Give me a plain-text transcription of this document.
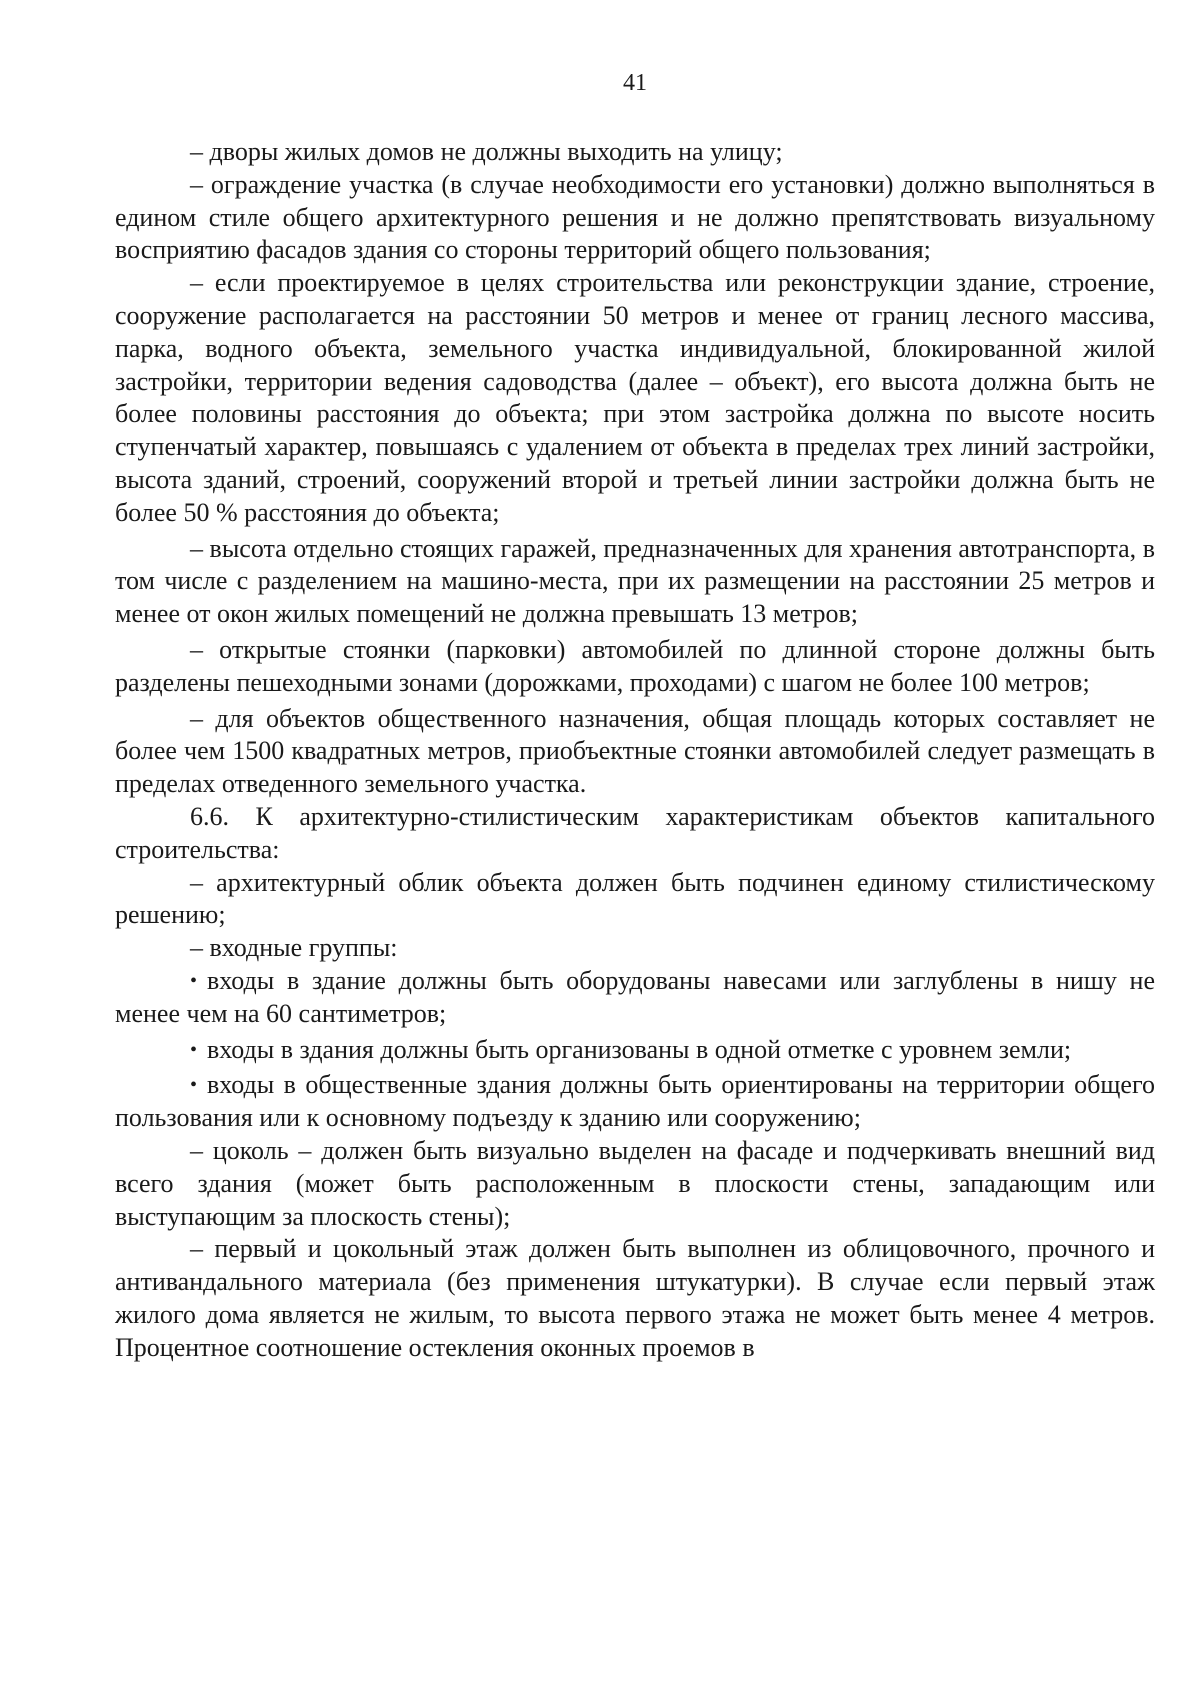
41

– дворы жилых домов не должны выходить на улицу;

– ограждение участка (в случае необходимости его установки) должно выполняться в едином стиле общего архитектурного решения и не должно препятствовать визуальному восприятию фасадов здания со стороны территорий общего пользования;

– если проектируемое в целях строительства или реконструкции здание, строение, сооружение располагается на расстоянии 50 метров и менее от границ лесного массива, парка, водного объекта, земельного участка индивидуальной, блокированной жилой застройки, территории ведения садоводства (далее – объект), его высота должна быть не более половины расстояния до объекта; при этом застройка должна по высоте носить ступенчатый характер, повышаясь с удалением от объекта в пределах трех линий застройки, высота зданий, строений, сооружений второй и третьей линии застройки должна быть не более 50 % расстояния до объекта;

– высота отдельно стоящих гаражей, предназначенных для хранения автотранспорта, в том числе с разделением на машино-места, при их размещении на расстоянии 25 метров и менее от окон жилых помещений не должна превышать 13 метров;

– открытые стоянки (парковки) автомобилей по длинной стороне должны быть разделены пешеходными зонами (дорожками, проходами) с шагом не более 100 метров;

– для объектов общественного назначения, общая площадь которых составляет не более чем 1500 квадратных метров, приобъектные стоянки автомобилей следует размещать в пределах отведенного земельного участка.

6.6. К архитектурно-стилистическим характеристикам объектов капитального строительства:

– архитектурный облик объекта должен быть подчинен единому стилистическому решению;

– входные группы:

• входы в здание должны быть оборудованы навесами или заглублены в нишу не менее чем на 60 сантиметров;

• входы в здания должны быть организованы в одной отметке с уровнем земли;

• входы в общественные здания должны быть ориентированы на территории общего пользования или к основному подъезду к зданию или сооружению;

– цоколь – должен быть визуально выделен на фасаде и подчеркивать внешний вид всего здания (может быть расположенным в плоскости стены, западающим или выступающим за плоскость стены);

– первый и цокольный этаж должен быть выполнен из облицовочного, прочного и антивандального материала (без применения штукатурки). В случае если первый этаж жилого дома является не жилым, то высота первого этажа не может быть менее 4 метров. Процентное соотношение остекления оконных проемов в
